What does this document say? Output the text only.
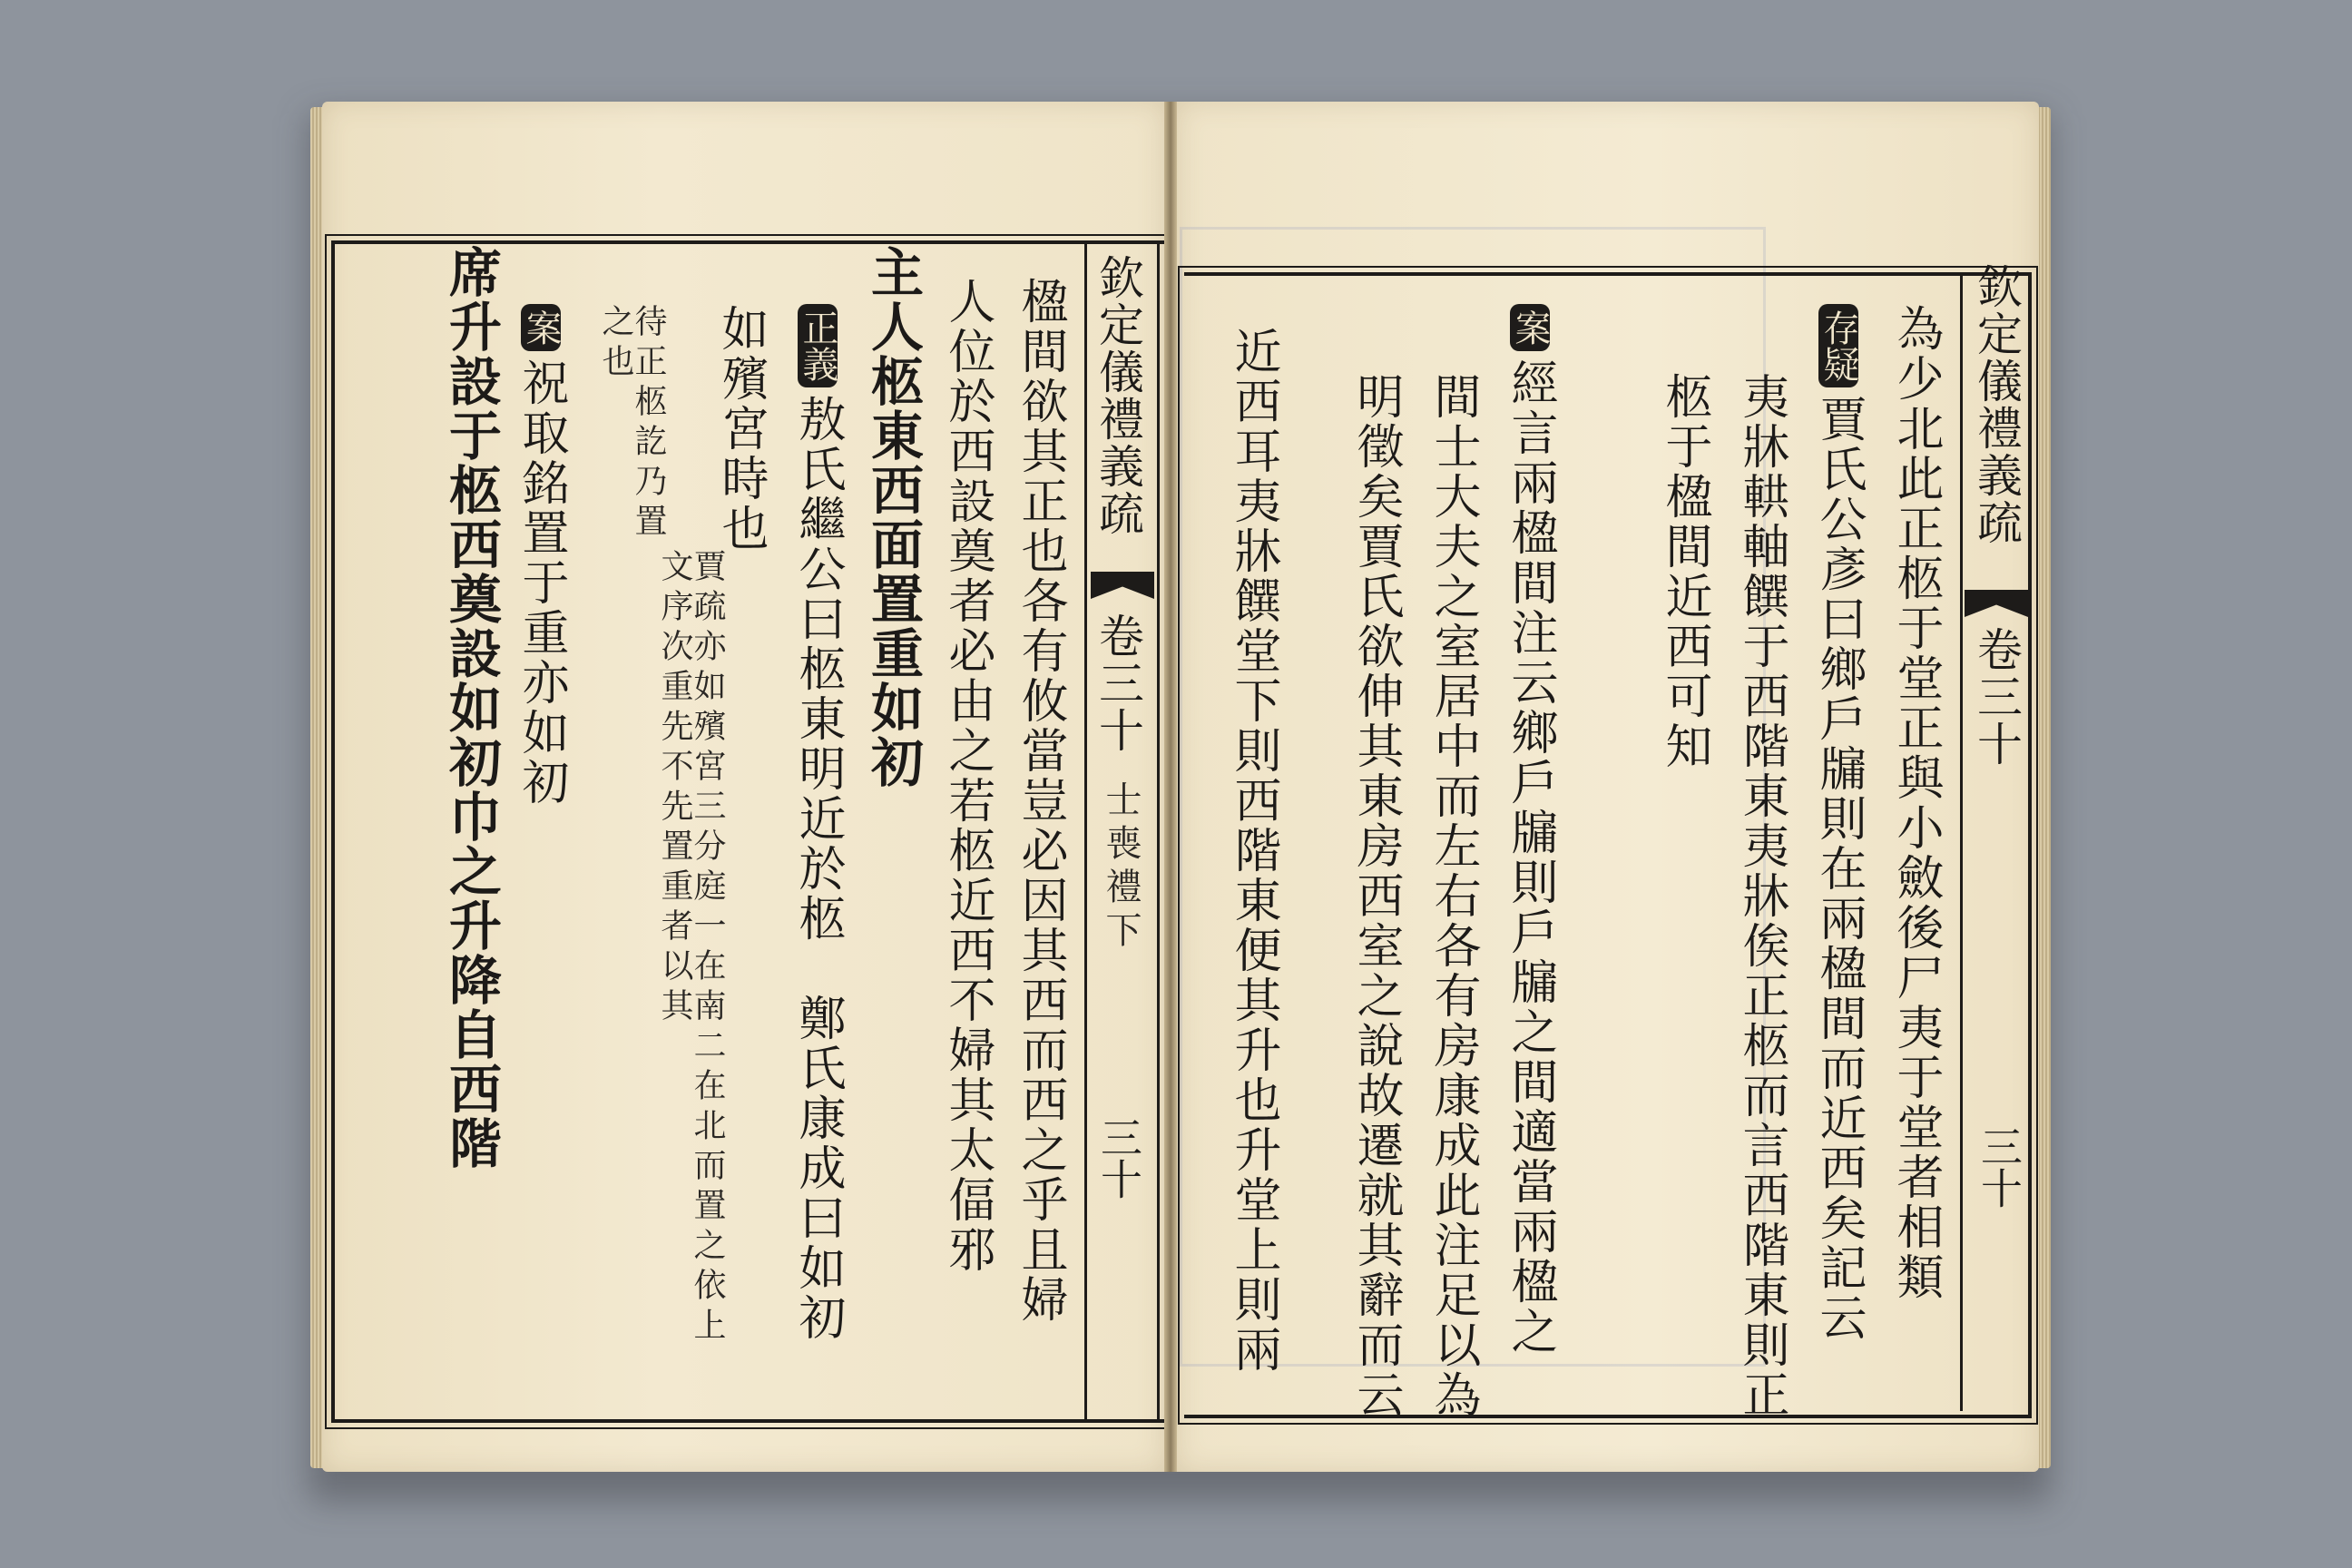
欽定儀禮義疏
卷三十
士喪禮下
三十
楹間欲其正也各有攸當豈必因其西而西之乎且婦
人位於西設奠者必由之若柩近西不婦其太偪邪
主人柩東西面置重如初
正義敖氏繼公曰柩東明近於柩　鄭氏康成曰如初
如殯宮時也
賈疏亦如殯宮三分庭一在南二在北而置之依上文序次重先不先置重者以其
待正柩訖乃置之也
案祝取銘置于重亦如初
席升設于柩西奠設如初巾之升降自西階	欽定儀禮義疏
卷三十
三十
為少北此正柩于堂正與小斂後尸夷于堂者相類
存疑賈氏公彥曰鄉戶牖則在兩楹間而近西矣記云
夷牀輁軸饌于西階東夷牀俟正柩而言西階東則正
柩于楹間近西可知
案經言兩楹間注云鄉戶牖則戶牖之間適當兩楹之
間士大夫之室居中而左右各有房康成此注足以為
明徵矣賈氏欲伸其東房西室之說故遷就其辭而云
近西耳夷牀饌堂下則西階東便其升也升堂上則兩
